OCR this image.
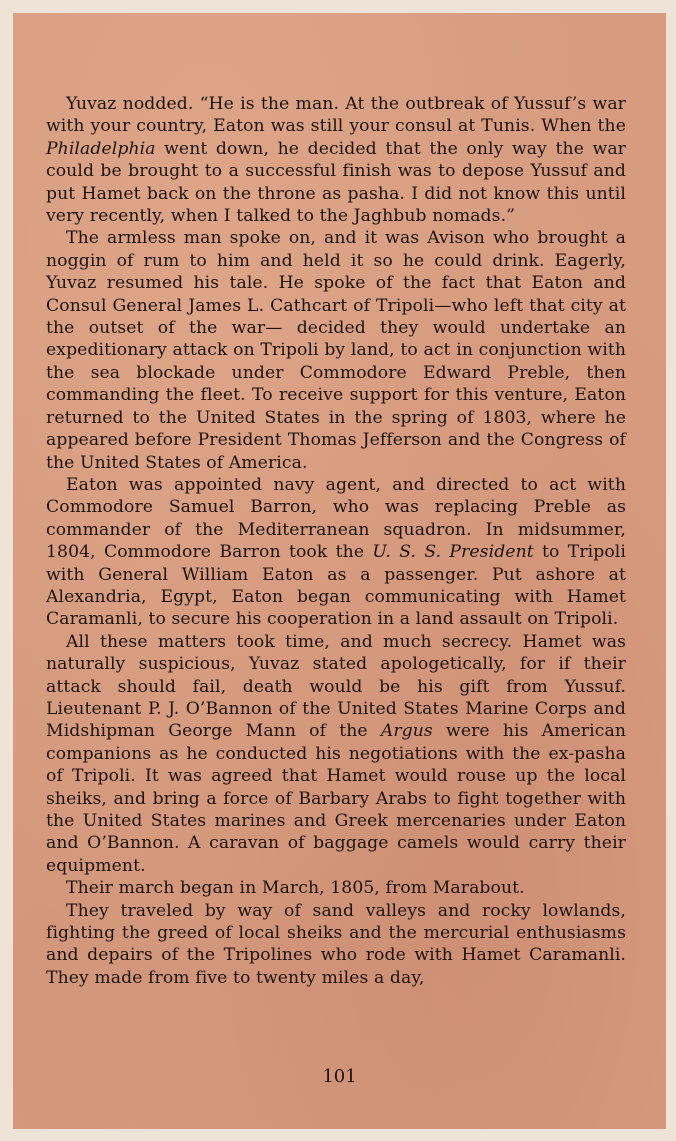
Yuvaz nodded. “He is the man. At the outbreak of Yussuf’s war with your country, Eaton was still your consul at Tunis. When the Philadelphia went down, he decided that the only way the war could be brought to a successful finish was to depose Yussuf and put Hamet back on the throne as pasha. I did not know this until very recently, when I talked to the Jaghbub nomads.”

The armless man spoke on, and it was Avison who brought a noggin of rum to him and held it so he could drink. Eagerly, Yuvaz resumed his tale. He spoke of the fact that Eaton and Consul General James L. Cathcart of Tripoli—who left that city at the outset of the war— decided they would undertake an expeditionary attack on Tripoli by land, to act in conjunction with the sea blockade under Commodore Edward Preble, then commanding the fleet. To receive support for this venture, Eaton returned to the United States in the spring of 1803, where he appeared before President Thomas Jefferson and the Congress of the United States of America.

Eaton was appointed navy agent, and directed to act with Commodore Samuel Barron, who was replacing Preble as commander of the Mediterranean squadron. In midsummer, 1804, Commodore Barron took the U. S. S. President to Tripoli with General William Eaton as a passenger. Put ashore at Alexandria, Egypt, Eaton began communicating with Hamet Caramanli, to secure his cooperation in a land assault on Tripoli.

All these matters took time, and much secrecy. Hamet was naturally suspicious, Yuvaz stated apologetically, for if their attack should fail, death would be his gift from Yussuf. Lieutenant P. J. O’Bannon of the United States Marine Corps and Midshipman George Mann of the Argus were his American companions as he conducted his negotiations with the ex-pasha of Tripoli. It was agreed that Hamet would rouse up the local sheiks, and bring a force of Barbary Arabs to fight together with the United States marines and Greek mercenaries under Eaton and O’Bannon. A caravan of baggage camels would carry their equipment.

Their march began in March, 1805, from Marabout.

They traveled by way of sand valleys and rocky lowlands, fighting the greed of local sheiks and the mercurial enthusiasms and depairs of the Tripolines who rode with Hamet Caramanli. They made from five to twenty miles a day,

101
